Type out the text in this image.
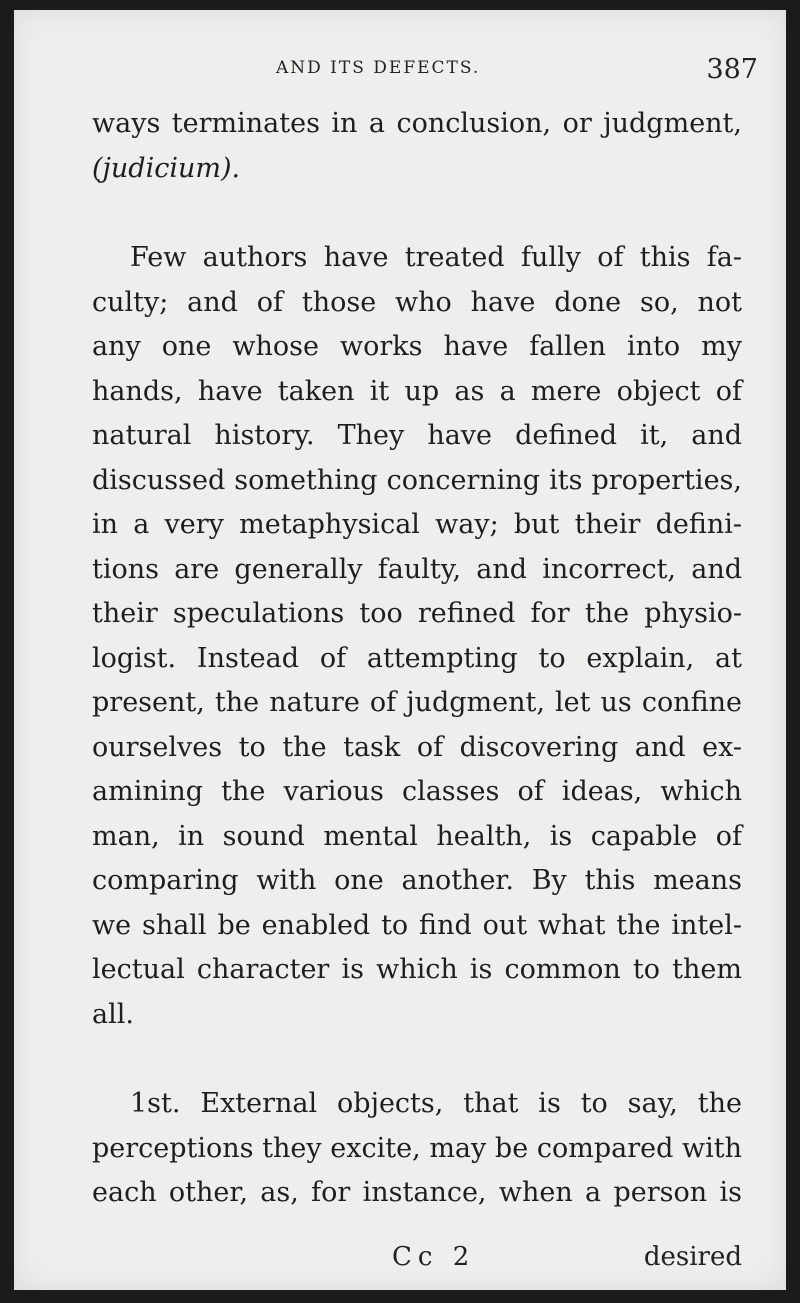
AND ITS DEFECTS.	387
ways terminates in a conclusion, or judgment,
(judicium).
Few authors have treated fully of this fa-
culty; and of those who have done so, not
any one whose works have fallen into my
hands, have taken it up as a mere object of
natural history. They have defined it, and
discussed something concerning its properties,
in a very metaphysical way; but their defini-
tions are generally faulty, and incorrect, and
their speculations too refined for the physio-
logist. Instead of attempting to explain, at
present, the nature of judgment, let us confine
ourselves to the task of discovering and ex-
amining the various classes of ideas, which
man, in sound mental health, is capable of
comparing with one another. By this means
we shall be enabled to find out what the intel-
lectual character is which is common to them
all.
1st. External objects, that is to say, the
perceptions they excite, may be compared with
each other, as, for instance, when a person is
Cc 2	desired
